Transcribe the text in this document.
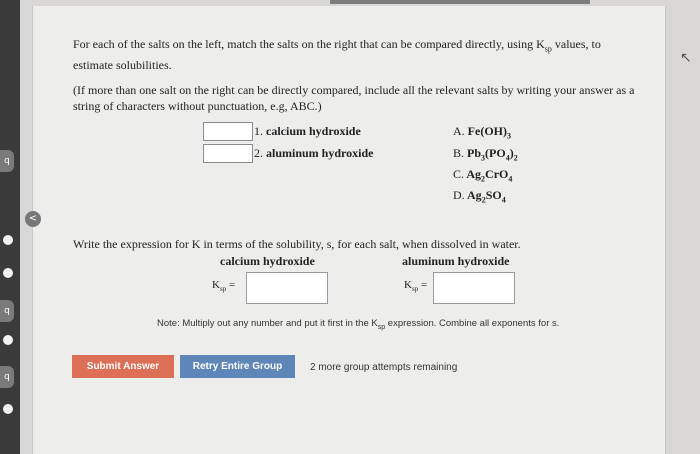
q
q
q
<
↖
For each of the salts on the left, match the salts on the right that can be compared directly, using $K_{sp}$ values, to estimate solubilities.
(If more than one salt on the right can be directly compared, include all the relevant salts by writing your answer as a string of characters without punctuation, e.g, ABC.)
1. calcium hydroxide
2. aluminum hydroxide
A. $Fe(OH)_3$
B. $Pb_3(PO_4)_2$
C. $Ag_2CrO_4$
D. $Ag_2SO_4$
Write the expression for K in terms of the solubility, s, for each salt, when dissolved in water.
calcium hydroxide	aluminum hydroxide
$K_{sp}$ =	$K_{sp}$ =
Note: Multiply out any number and put it first in the $K_{sp}$ expression. Combine all exponents for s.
Submit Answer	Retry Entire Group	2 more group attempts remaining
